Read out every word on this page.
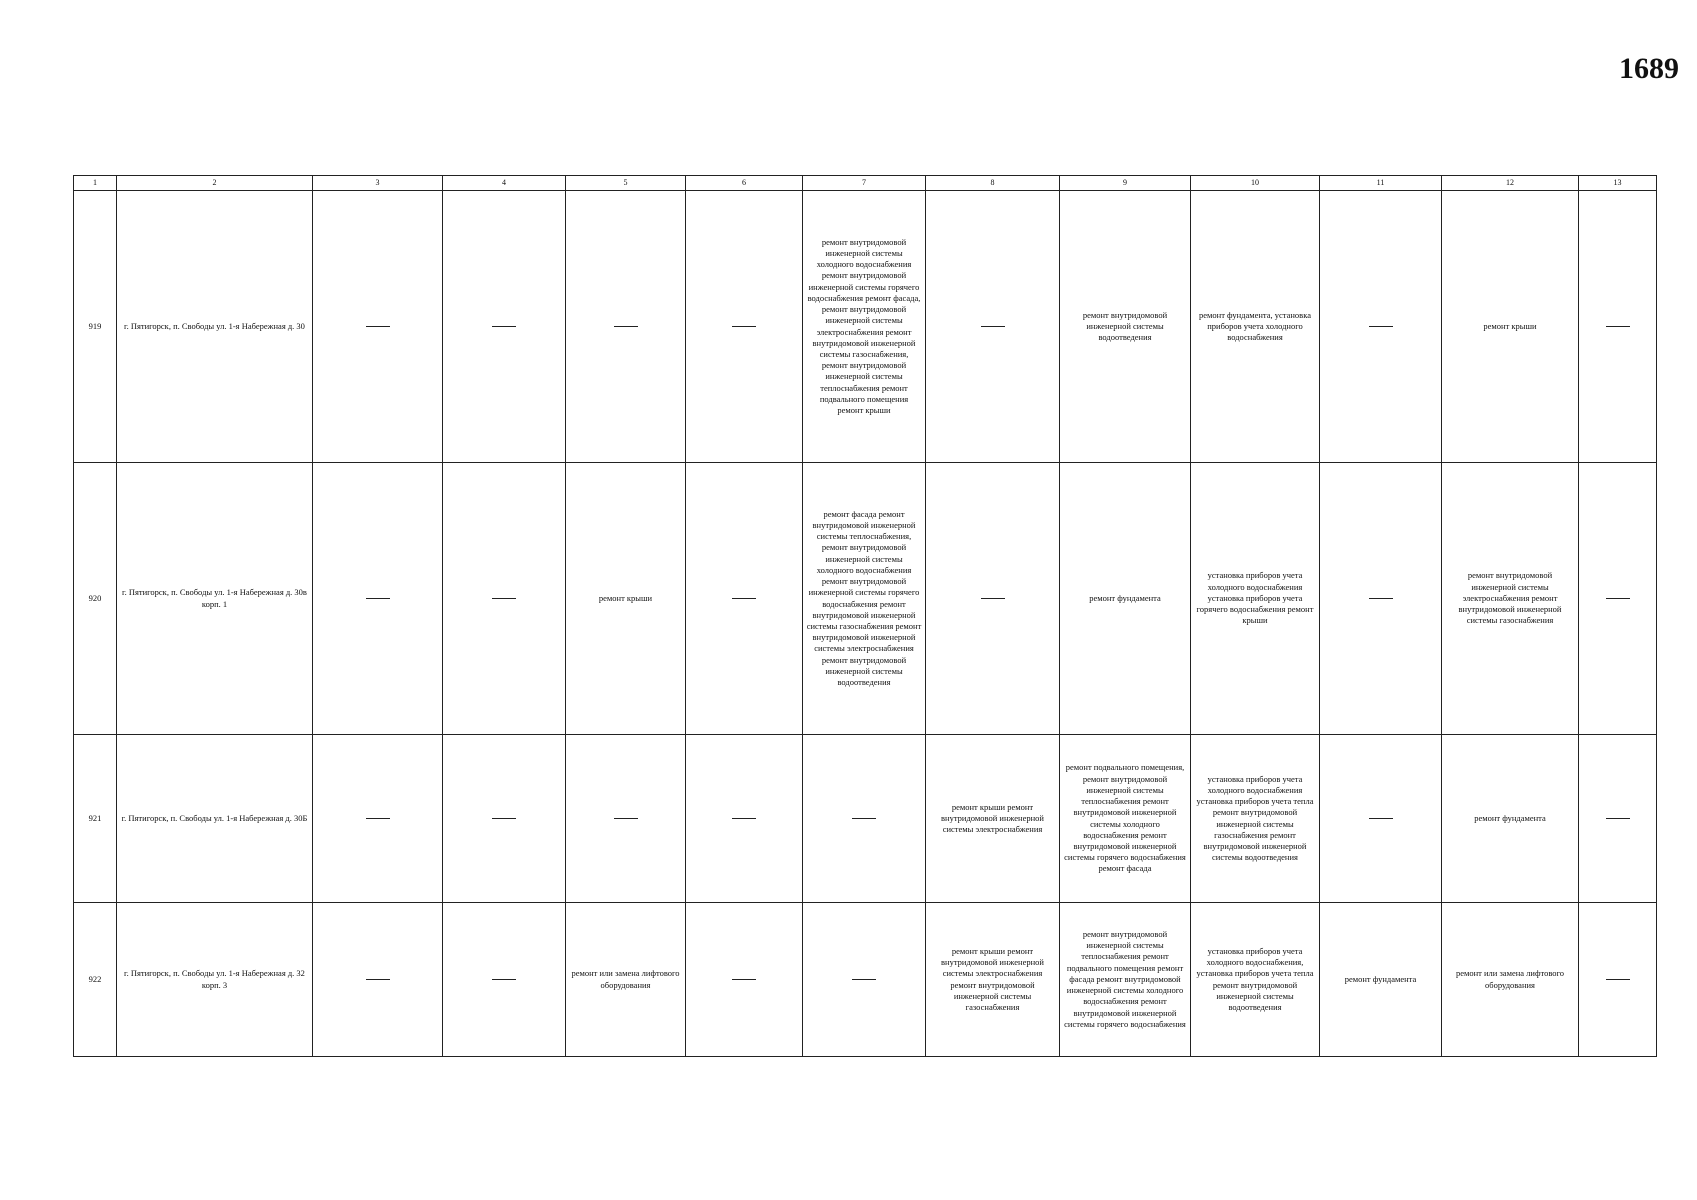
1689
1	2	3	4	5	6	7	8	9	10	11	12	13
919	г. Пятигорск, п. Свободы ул. 1-я Набережная д. 30					ремонт внутридомовой инженерной системы холодного водоснабжения ремонт внутридомовой инженерной системы горячего водоснабжения ремонт фасада, ремонт внутридомовой инженерной системы электроснабжения ремонт внутридомовой инженерной системы газоснабжения, ремонт внутридомовой инженерной системы теплоснабжения ремонт подвального помещения ремонт крыши		ремонт внутридомовой инженерной системы водоотведения	ремонт фундамента, установка приборов учета холодного водоснабжения		ремонт крыши	
920	г. Пятигорск, п. Свободы ул. 1-я Набережная д. 30в корп. 1			ремонт крыши		ремонт фасада ремонт внутридомовой инженерной системы теплоснабжения, ремонт внутридомовой инженерной системы холодного водоснабжения ремонт внутридомовой инженерной системы горячего водоснабжения ремонт внутридомовой инженерной системы газоснабжения ремонт внутридомовой инженерной системы электроснабжения ремонт внутридомовой инженерной системы водоотведения		ремонт фундамента	установка приборов учета холодного водоснабжения установка приборов учета горячего водоснабжения ремонт крыши		ремонт внутридомовой инженерной системы электроснабжения ремонт внутридомовой инженерной системы газоснабжения	
921	г. Пятигорск, п. Свободы ул. 1-я Набережная д. 30Б						ремонт крыши ремонт внутридомовой инженерной системы электроснабжения	ремонт подвального помещения, ремонт внутридомовой инженерной системы теплоснабжения ремонт внутридомовой инженерной системы холодного водоснабжения ремонт внутридомовой инженерной системы горячего водоснабжения ремонт фасада	установка приборов учета холодного водоснабжения установка приборов учета тепла ремонт внутридомовой инженерной системы газоснабжения ремонт внутридомовой инженерной системы водоотведения		ремонт фундамента	
922	г. Пятигорск, п. Свободы ул. 1-я Набережная д. 32 корп. 3			ремонт или замена лифтового оборудования			ремонт крыши ремонт внутридомовой инженерной системы электроснабжения ремонт внутридомовой инженерной системы газоснабжения	ремонт внутридомовой инженерной системы теплоснабжения ремонт подвального помещения ремонт фасада ремонт внутридомовой инженерной системы холодного водоснабжения ремонт внутридомовой инженерной системы горячего водоснабжения	установка приборов учета холодного водоснабжения, установка приборов учета тепла ремонт внутридомовой инженерной системы водоотведения	ремонт фундамента	ремонт или замена лифтового оборудования	
